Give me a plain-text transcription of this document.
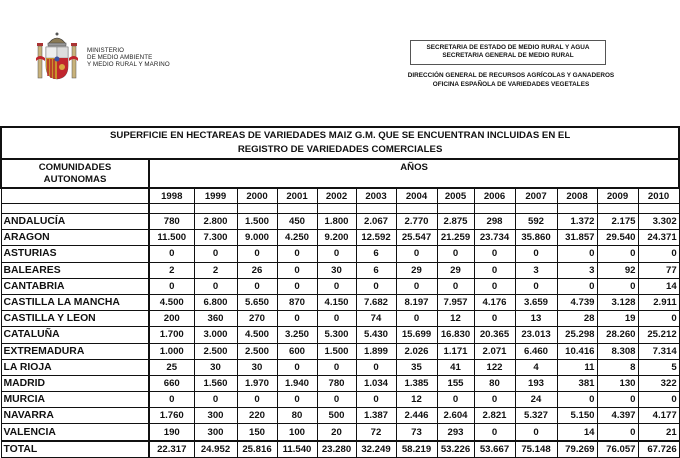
MINISTERIO
DE MEDIO AMBIENTE
Y MEDIO RURAL Y MARINO
SECRETARIA DE ESTADO DE MEDIO RURAL Y AGUA
SECRETARIA GENERAL DE MEDIO RURAL
DIRECCIÓN GENERAL DE RECURSOS AGRÍCOLAS Y GANADEROS
OFICINA ESPAÑOLA DE VARIEDADES VEGETALES
SUPERFICIE EN HECTAREAS DE VARIEDADES MAIZ G.M. QUE SE ENCUENTRAN INCLUIDAS EN EL
REGISTRO DE VARIEDADES COMERCIALES													

COMUNIDADES
AUTONOMAS	AÑOS												
	1998	1999	2000	2001	2002	2003	2004	2005	2006	2007	2008	2009	2010

ANDALUCÍA	780	2.800	1.500	450	1.800	2.067	2.770	2.875	298	592	1.372	2.175	3.302
ARAGON	11.500	7.300	9.000	4.250	9.200	12.592	25.547	21.259	23.734	35.860	31.857	29.540	24.371
ASTURIAS	0	0	0	0	0	6	0	0	0	0	0	0	0
BALEARES	2	2	26	0	30	6	29	29	0	3	3	92	77
CANTABRIA	0	0	0	0	0	0	0	0	0	0	0	0	14
CASTILLA LA MANCHA	4.500	6.800	5.650	870	4.150	7.682	8.197	7.957	4.176	3.659	4.739	3.128	2.911
CASTILLA Y LEON	200	360	270	0	0	74	0	12	0	13	28	19	0
CATALUÑA	1.700	3.000	4.500	3.250	5.300	5.430	15.699	16.830	20.365	23.013	25.298	28.260	25.212
EXTREMADURA	1.000	2.500	2.500	600	1.500	1.899	2.026	1.171	2.071	6.460	10.416	8.308	7.314
LA RIOJA	25	30	30	0	0	0	35	41	122	4	11	8	5
MADRID	660	1.560	1.970	1.940	780	1.034	1.385	155	80	193	381	130	322
MURCIA	0	0	0	0	0	0	12	0	0	24	0	0	0
NAVARRA	1.760	300	220	80	500	1.387	2.446	2.604	2.821	5.327	5.150	4.397	4.177
VALENCIA	190	300	150	100	20	72	73	293	0	0	14	0	21
TOTAL	22.317	24.952	25.816	11.540	23.280	32.249	58.219	53.226	53.667	75.148	79.269	76.057	67.726
